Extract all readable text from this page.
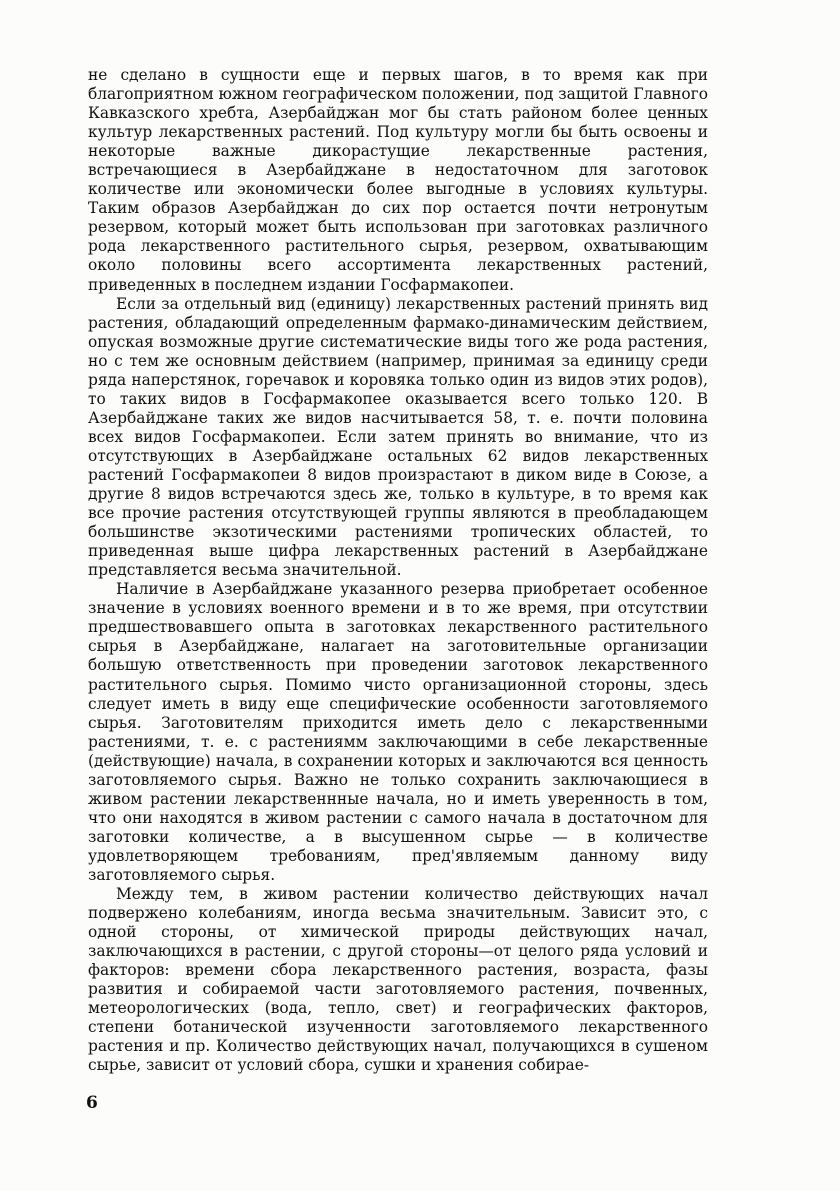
не сделано в сущности еще и первых шагов, в то время как при благоприятном южном географическом положении, под защитой Главного Кавказского хребта, Азербайджан мог бы стать районом более ценных культур лекарственных растений. Под культуру могли бы быть освоены и некоторые важные дикорастущие лекарственные растения, встречающиеся в Азербайджане в недостаточном для заготовок количестве или экономически более выгодные в условиях культуры. Таким образов Азербайджан до сих пор остается почти нетронутым резервом, который может быть использован при заготовках различного рода лекарственного растительного сырья, резервом, охватывающим около половины всего ассортимента лекарственных растений, приведенных в последнем издании Госфармакопеи.

Если за отдельный вид (единицу) лекарственных растений принять вид растения, обладающий определенным фармако-динамическим действием, опуская возможные другие систематические виды того же рода растения, но с тем же основным действием (например, принимая за единицу среди ряда наперстянок, горечавок и коровяка только один из видов этих родов), то таких видов в Госфармакопее оказывается всего только 120. В Азербайджане таких же видов насчитывается 58, т. е. почти половина всех видов Госфармакопеи. Если затем принять во внимание, что из отсутствующих в Азербайджане остальных 62 видов лекарственных растений Госфармакопеи 8 видов произрастают в диком виде в Союзе, а другие 8 видов встречаются здесь же, только в культуре, в то время как все прочие растения отсутствующей группы являются в преобладающем большинстве экзотическими растениями тропических областей, то приведенная выше цифра лекарственных растений в Азербайджане представляется весьма значительной.

Наличие в Азербайджане указанного резерва приобретает особенное значение в условиях военного времени и в то же время, при отсутствии предшествовавшего опыта в заготовках лекарственного растительного сырья в Азербайджане, налагает на заготовительные организации большую ответственность при проведении заготовок лекарственного растительного сырья. Помимо чисто организационной стороны, здесь следует иметь в виду еще специфические особенности заготовляемого сырья. Заготовителям приходится иметь дело с лекарственными растениями, т. е. с растениямм заключающими в себе лекарственные (действующие) начала, в сохранении которых и заключаются вся ценность заготовляемого сырья. Важно не только сохранить заключающиеся в живом растении лекарственнные начала, но и иметь уверенность в том, что они находятся в живом растении с самого начала в достаточном для заготовки количестве, а в высушенном сырье — в количестве удовлетворяющем требованиям, пред'являемым данному виду заготовляемого сырья.

Между тем, в живом растении количество действующих начал подвержено колебаниям, иногда весьма значительным. Зависит это, с одной стороны, от химической природы действующих начал, заключающихся в растении, с другой стороны—от целого ряда условий и факторов: времени сбора лекарственного растения, возраста, фазы развития и собираемой части заготовляемого растения, почвенных, метеорологических (вода, тепло, свет) и географических факторов, степени ботанической изученности заготовляемого лекарственного растения и пр. Количество действующих начал, получающихся в сушеном сырье, зависит от условий сбора, сушки и хранения собирае-

6
